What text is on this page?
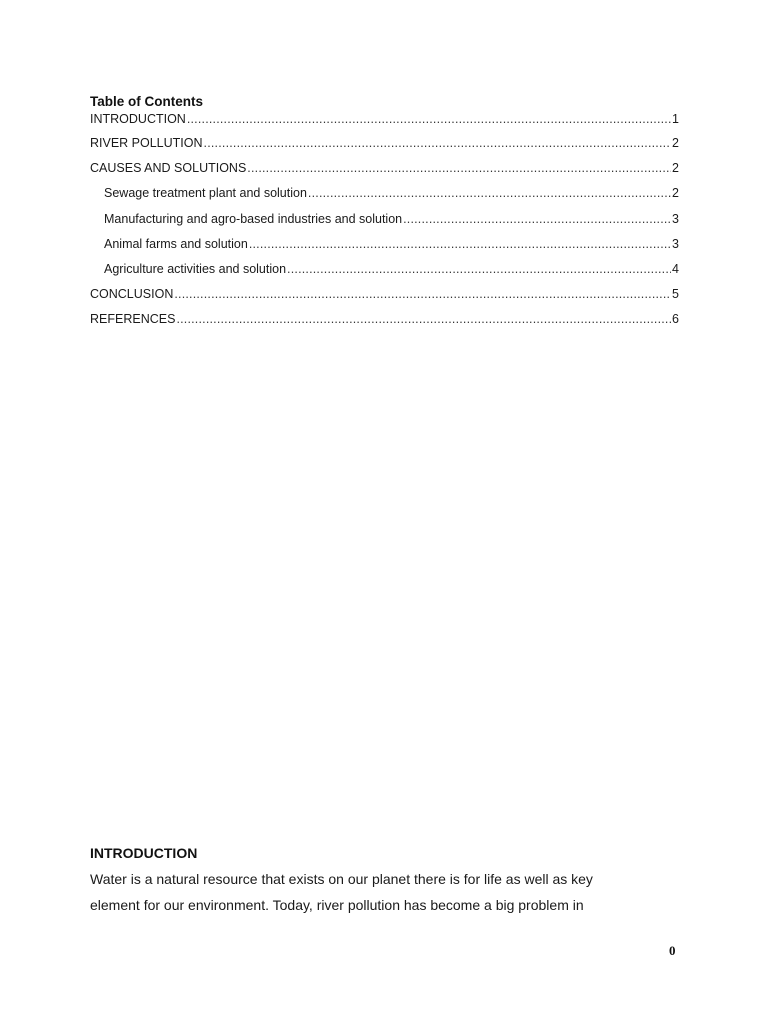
Table of Contents
INTRODUCTION .....	1
RIVER POLLUTION .....	2
CAUSES AND SOLUTIONS .....	2
Sewage treatment plant and solution .....	2
Manufacturing and agro-based industries and solution .....	3
Animal farms and solution .....	3
Agriculture activities and solution .....	4
CONCLUSION .....	5
REFERENCES .....	6
INTRODUCTION

Water is a natural resource that exists on our planet there is for life as well as key
element for our environment. Today, river pollution has become a big problem in

0
